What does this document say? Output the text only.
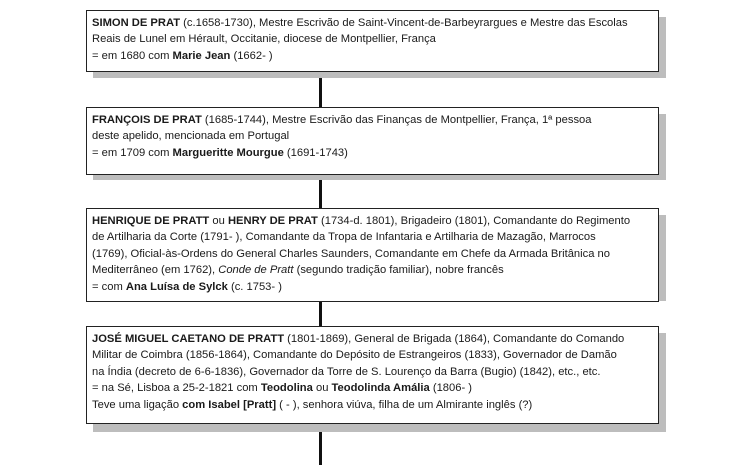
SIMON DE PRAT (c.1658-1730), Mestre Escrivão de Saint-Vincent-de-Barbeyrargues e Mestre das Escolas
Reais de Lunel em Hérault, Occitanie, diocese de Montpellier, França
= em 1680 com Marie Jean (1662- )
FRANÇOIS DE PRAT (1685-1744), Mestre Escrivão das Finanças de Montpellier, França, 1ª pessoa
deste apelido, mencionada em Portugal
= em 1709 com Margueritte Mourgue (1691-1743)
HENRIQUE DE PRATT ou HENRY DE PRAT (1734-d. 1801), Brigadeiro (1801), Comandante do Regimento
de Artilharia da Corte (1791- ), Comandante da Tropa de Infantaria e Artilharia de Mazagão, Marrocos
(1769), Oficial-às-Ordens do General Charles Saunders, Comandante em Chefe da Armada Britânica no
Mediterrâneo (em 1762), Conde de Pratt (segundo tradição familiar), nobre francês
= com Ana Luísa de Sylck (c. 1753- )
JOSÉ MIGUEL CAETANO DE PRATT (1801-1869), General de Brigada (1864), Comandante do Comando
Militar de Coimbra (1856-1864), Comandante do Depósito de Estrangeiros (1833), Governador de Damão
na Índia (decreto de 6-6-1836), Governador da Torre de S. Lourenço da Barra (Bugio) (1842), etc., etc.
= na Sé, Lisboa a 25-2-1821 com Teodolina ou Teodolinda Amália (1806- )
Teve uma ligação com Isabel [Pratt] ( - ), senhora viúva, filha de um Almirante inglês (?)
